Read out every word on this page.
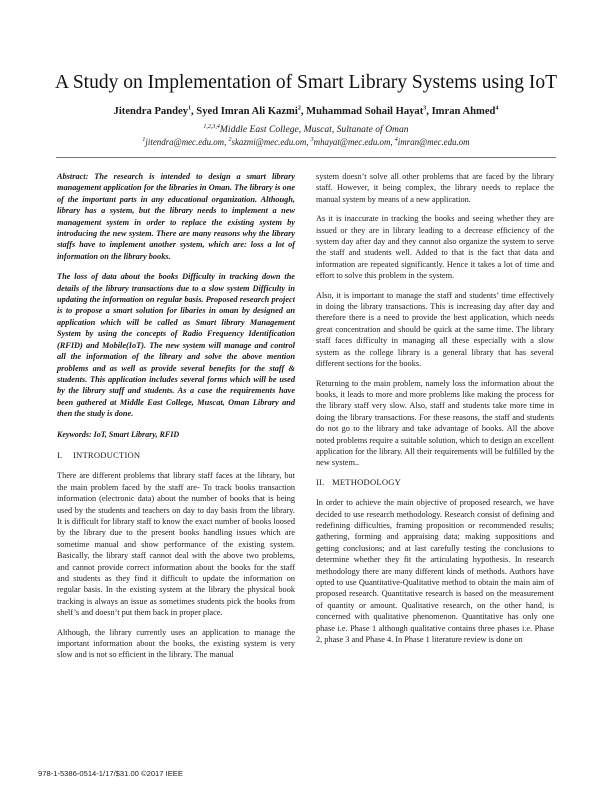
A Study on Implementation of Smart Library Systems using IoT
Jitendra Pandey$^1$, Syed Imran Ali Kazmi$^2$, Muhammad Sohail Hayat$^3$, Imran Ahmed$^4$
$^{1,2,3,4}$Middle East College, Muscat, Sultanate of Oman
$^1$jitendra@mec.edu.om, $^2$skazmi@mec.edu.om, $^3$mhayat@mec.edu.om, $^4$imran@mec.edu.om

Abstract: The research is intended to design a smart library management application for the libraries in Oman. The library is one of the important parts in any educational organization. Although, library has a system, but the library needs to implement a new management system in order to replace the existing system by introducing the new system. There are many reasons why the library staffs have to implement another system, which are: loss a lot of information on the library books.

The loss of data about the books Difficulty in tracking down the details of the library transactions due to a slow system Difficulty in updating the information on regular basis. Proposed research project is to propose a smart solution for libaries in oman by designed an application which will be called as Smart library Management System by using the concepts of Radio Frequency Identification (RFID) and Mobile(IoT). The new system will manage and control all the information of the library and solve the above mention problems and as well as provide several benefits for the staff & students. This application includes several forms which will be used by the library staff and students. As a case the requirements have been gathered at Middle East College, Muscat, Oman Library and then the study is done.

Keywords: IoT, Smart Library, RFID
I. INTRODUCTION

There are different problems that library staff faces at the library, but the main problem faced by the staff are- To track books transaction information (electronic data) about the number of books that is being used by the students and teachers on day to day basis from the library. It is difficult for library staff to know the exact number of books loosed by the library due to the present books handling issues which are sometime manual and show performance of the existing system. Basically, the library staff cannot deal with the above two problems, and cannot provide correct information about the books for the staff and students as they find it difficult to update the information on regular basis. In the existing system at the library the physical book tracking is always an issue as sometimes students pick the books from shelf’s and doesn’t put them back in proper place.

Although, the library currently uses an application to manage the important information about the books, the existing system is very slow and is not so efficient in the library. The manual

system doesn’t solve all other problems that are faced by the library staff. However, it being complex, the library needs to replace the manual system by means of a new application.

As it is inaccurate in tracking the books and seeing whether they are issued or they are in library leading to a decrease efficiency of the system day after day and they cannot also organize the system to serve the staff and students well. Added to that is the fact that data and information are repeated significantly. Hence it takes a lot of time and effort to solve this problem in the system.

Also, it is important to manage the staff and students’ time effectively in doing the library transactions. This is increasing day after day and therefore there is a need to provide the best application, which needs great concentration and should be quick at the same time. The library staff faces difficulty in managing all these especially with a slow system as the college library is a general library that has several different sections for the books.

Returning to the main problem, namely loss the information about the books, it leads to more and more problems like making the process for the library staff very slow. Also, staff and students take more time in doing the library transactions. For these reasons, the staff and students do not go to the library and take advantage of books. All the above noted problems require a suitable solution, which to design an excellent application for the library. All their requirements will be fulfilled by the new system..

II. METHODOLOGY

In order to achieve the main objective of proposed research, we have decided to use research methodology. Research consist of defining and redefining difficulties, framing proposition or recommended results; gathering, forming and appraising data; making suppositions and getting conclusions; and at last carefully testing the conclusions to determine whether they fit the articulating hypothesis. In research methodology there are many different kinds of methods. Authors have opted to use Quantitative-Qualitative method to obtain the main aim of proposed research. Quantitative research is based on the measurement of quantity or amount. Qualitative research, on the other hand, is concerned with qualitative phenomenon. Quantitative has only one phase i.e. Phase 1 although qualitative contains three phases i.e. Phase 2, phase 3 and Phase 4. In Phase 1 literature review is done on

978-1-5386-0514-1/17/$31.00 ©2017 IEEE
